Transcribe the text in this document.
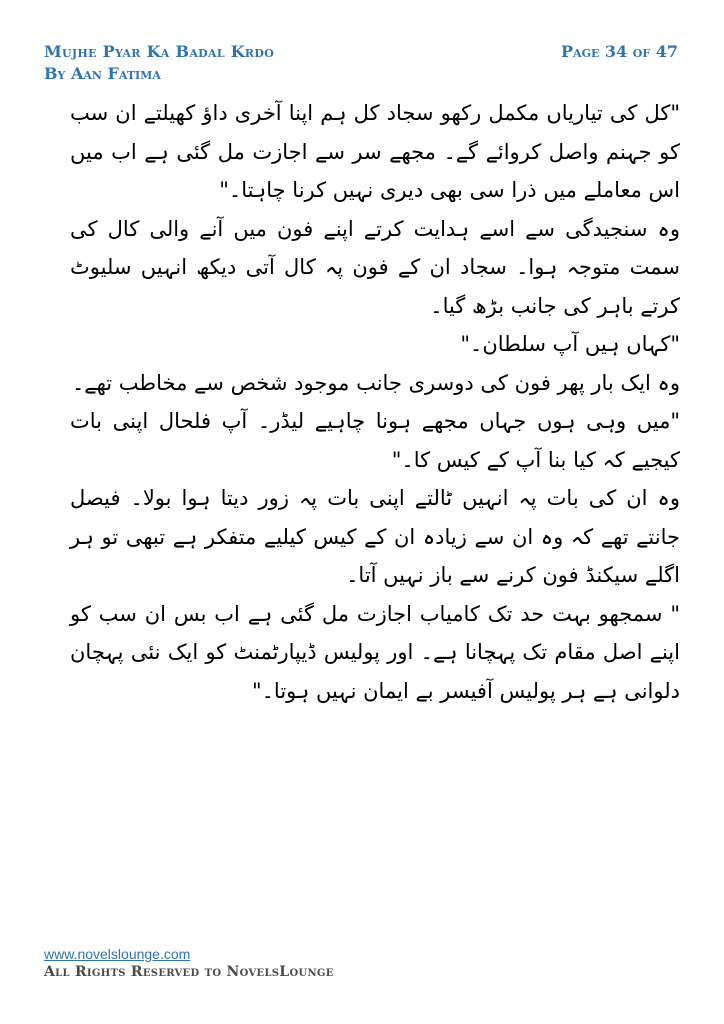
Mujhe Pyar Ka Badal Krdo	Page 34 of 47
By Aan Fatima

"کل کی تیاریاں مکمل رکھو سجاد کل ہم اپنا آخری داؤ کھیلتے ان سب کو جہنم واصل کروائے گے۔ مجھے سر سے اجازت مل گئی ہے اب میں اس معاملے میں ذرا سی بھی دیری نہیں کرنا چاہتا۔"

وہ سنجیدگی سے اسے ہدایت کرتے اپنے فون میں آنے والی کال کی سمت متوجہ ہوا۔ سجاد ان کے فون پہ کال آتی دیکھ انہیں سلیوٹ کرتے باہر کی جانب بڑھ گیا۔

"کہاں ہیں آپ سلطان۔"

وہ ایک بار پھر فون کی دوسری جانب موجود شخص سے مخاطب تھے۔

"میں وہی ہوں جہاں مجھے ہونا چاہیے لیڈر۔ آپ فلحال اپنی بات کیجیے کہ کیا بنا آپ کے کیس کا۔"

وہ ان کی بات پہ انہیں ٹالتے اپنی بات پہ زور دیتا ہوا بولا۔ فیصل جانتے تھے کہ وہ ان سے زیادہ ان کے کیس کیلیے متفکر ہے تبھی تو ہر اگلے سیکنڈ فون کرنے سے باز نہیں آتا۔

" سمجھو بہت حد تک کامیاب اجازت مل گئی ہے اب بس ان سب کو اپنے اصل مقام تک پہچانا ہے۔ اور پولیس ڈیپارٹمنٹ کو ایک نئی پہچان دلوانی ہے ہر پولیس آفیسر بے ایمان نہیں ہوتا۔"

www.novelslounge.com
All Rights Reserved to NovelsLounge
